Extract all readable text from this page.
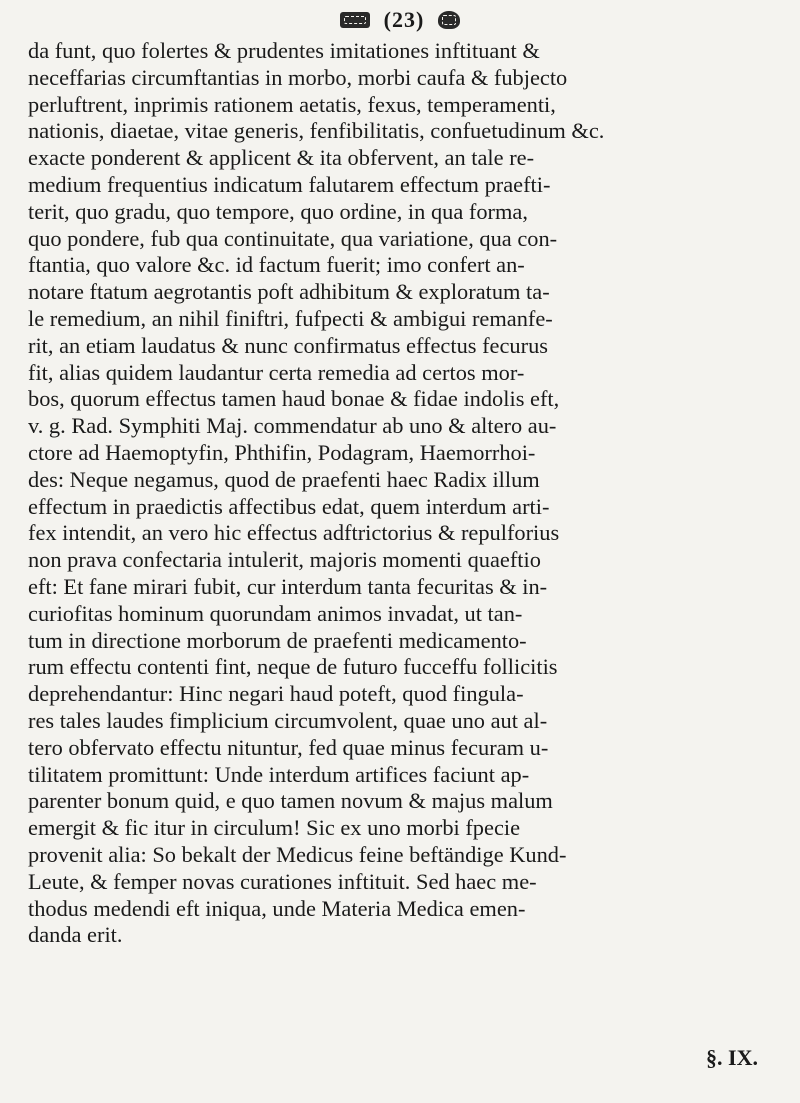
(23)
da funt, quo folertes & prudentes imitationes inftituant &
neceffarias circumftantias in morbo, morbi caufa & fubjecto
perluftrent, inprimis rationem aetatis, fexus, temperamenti,
nationis, diaetae, vitae generis, fenfibilitatis, confuetudinum &c.
exacte ponderent & applicent & ita obfervent, an tale re-
medium frequentius indicatum falutarem effectum praefti-
terit, quo gradu, quo tempore, quo ordine, in qua forma,
quo pondere, fub qua continuitate, qua variatione, qua con-
ftantia, quo valore &c. id factum fuerit; imo confert an-
notare ftatum aegrotantis poft adhibitum & exploratum ta-
le remedium, an nihil finiftri, fufpecti & ambigui remanfe-
rit, an etiam laudatus & nunc confirmatus effectus fecurus
fit, alias quidem laudantur certa remedia ad certos mor-
bos, quorum effectus tamen haud bonae & fidae indolis eft,
v. g. Rad. Symphiti Maj. commendatur ab uno & altero au-
ctore ad Haemoptyfin, Phthifin, Podagram, Haemorrhoi-
des: Neque negamus, quod de praefenti haec Radix illum
effectum in praedictis affectibus edat, quem interdum arti-
fex intendit, an vero hic effectus adftrictorius & repulforius
non prava confectaria intulerit, majoris momenti quaeftio
eft: Et fane mirari fubit, cur interdum tanta fecuritas & in-
curiofitas hominum quorundam animos invadat, ut tan-
tum in directione morborum de praefenti medicamento-
rum effectu contenti fint, neque de futuro fucceffu follicitis
deprehendantur: Hinc negari haud poteft, quod fingula-
res tales laudes fimplicium circumvolent, quae uno aut al-
tero obfervato effectu nituntur, fed quae minus fecuram u-
tilitatem promittunt: Unde interdum artifices faciunt ap-
parenter bonum quid, e quo tamen novum & majus malum
emergit & fic itur in circulum! Sic ex uno morbi fpecie
provenit alia: So bekalt der Medicus feine beftändige Kund-
Leute, & femper novas curationes inftituit. Sed haec me-
thodus medendi eft iniqua, unde Materia Medica emen-
danda erit.
§. IX.
